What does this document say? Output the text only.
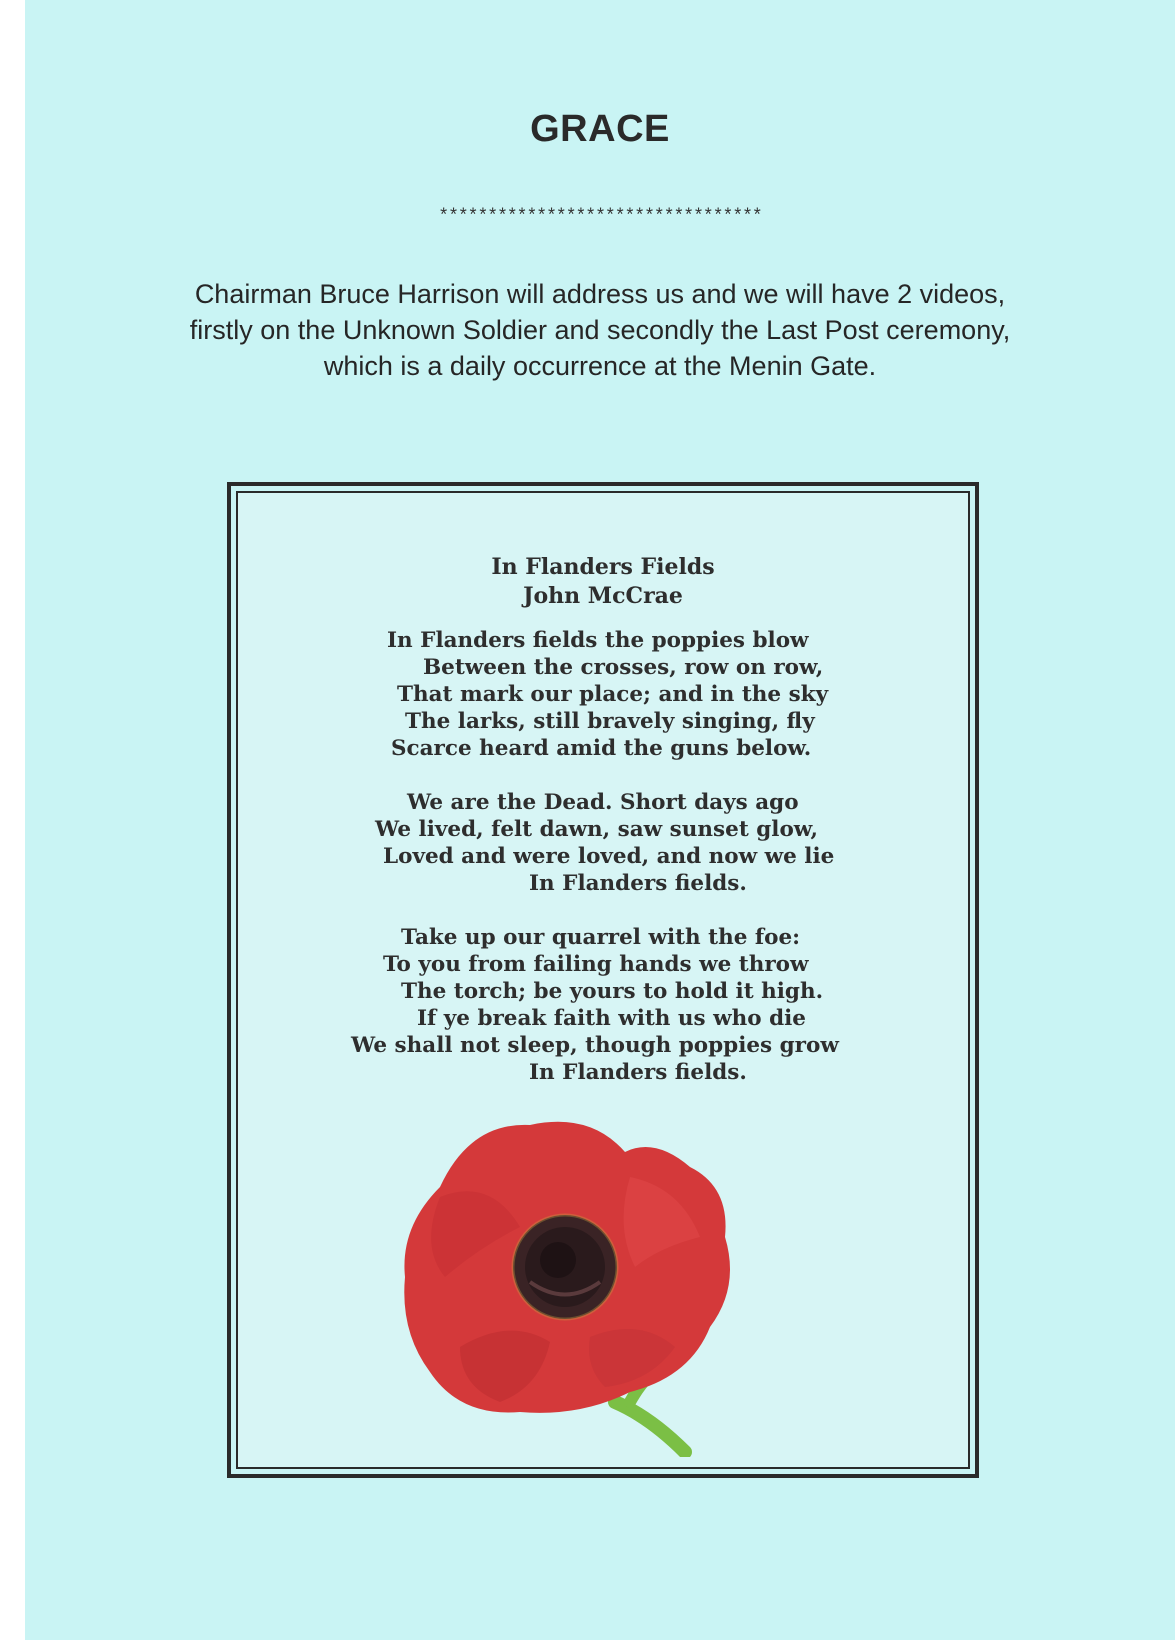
GRACE
*********************************
Chairman Bruce Harrison will address us and we will have 2 videos,
firstly on the Unknown Soldier and secondly the Last Post ceremony,
which is a daily occurrence at the Menin Gate.
In Flanders Fields
John McCrae
In Flanders fields the poppies blow
Between the crosses, row on row,
That mark our place; and in the sky
The larks, still bravely singing, fly
Scarce heard amid the guns below.
We are the Dead. Short days ago
We lived, felt dawn, saw sunset glow,
Loved and were loved, and now we lie
In Flanders fields.
Take up our quarrel with the foe:
To you from failing hands we throw
The torch; be yours to hold it high.
If ye break faith with us who die
We shall not sleep, though poppies grow
In Flanders fields.
